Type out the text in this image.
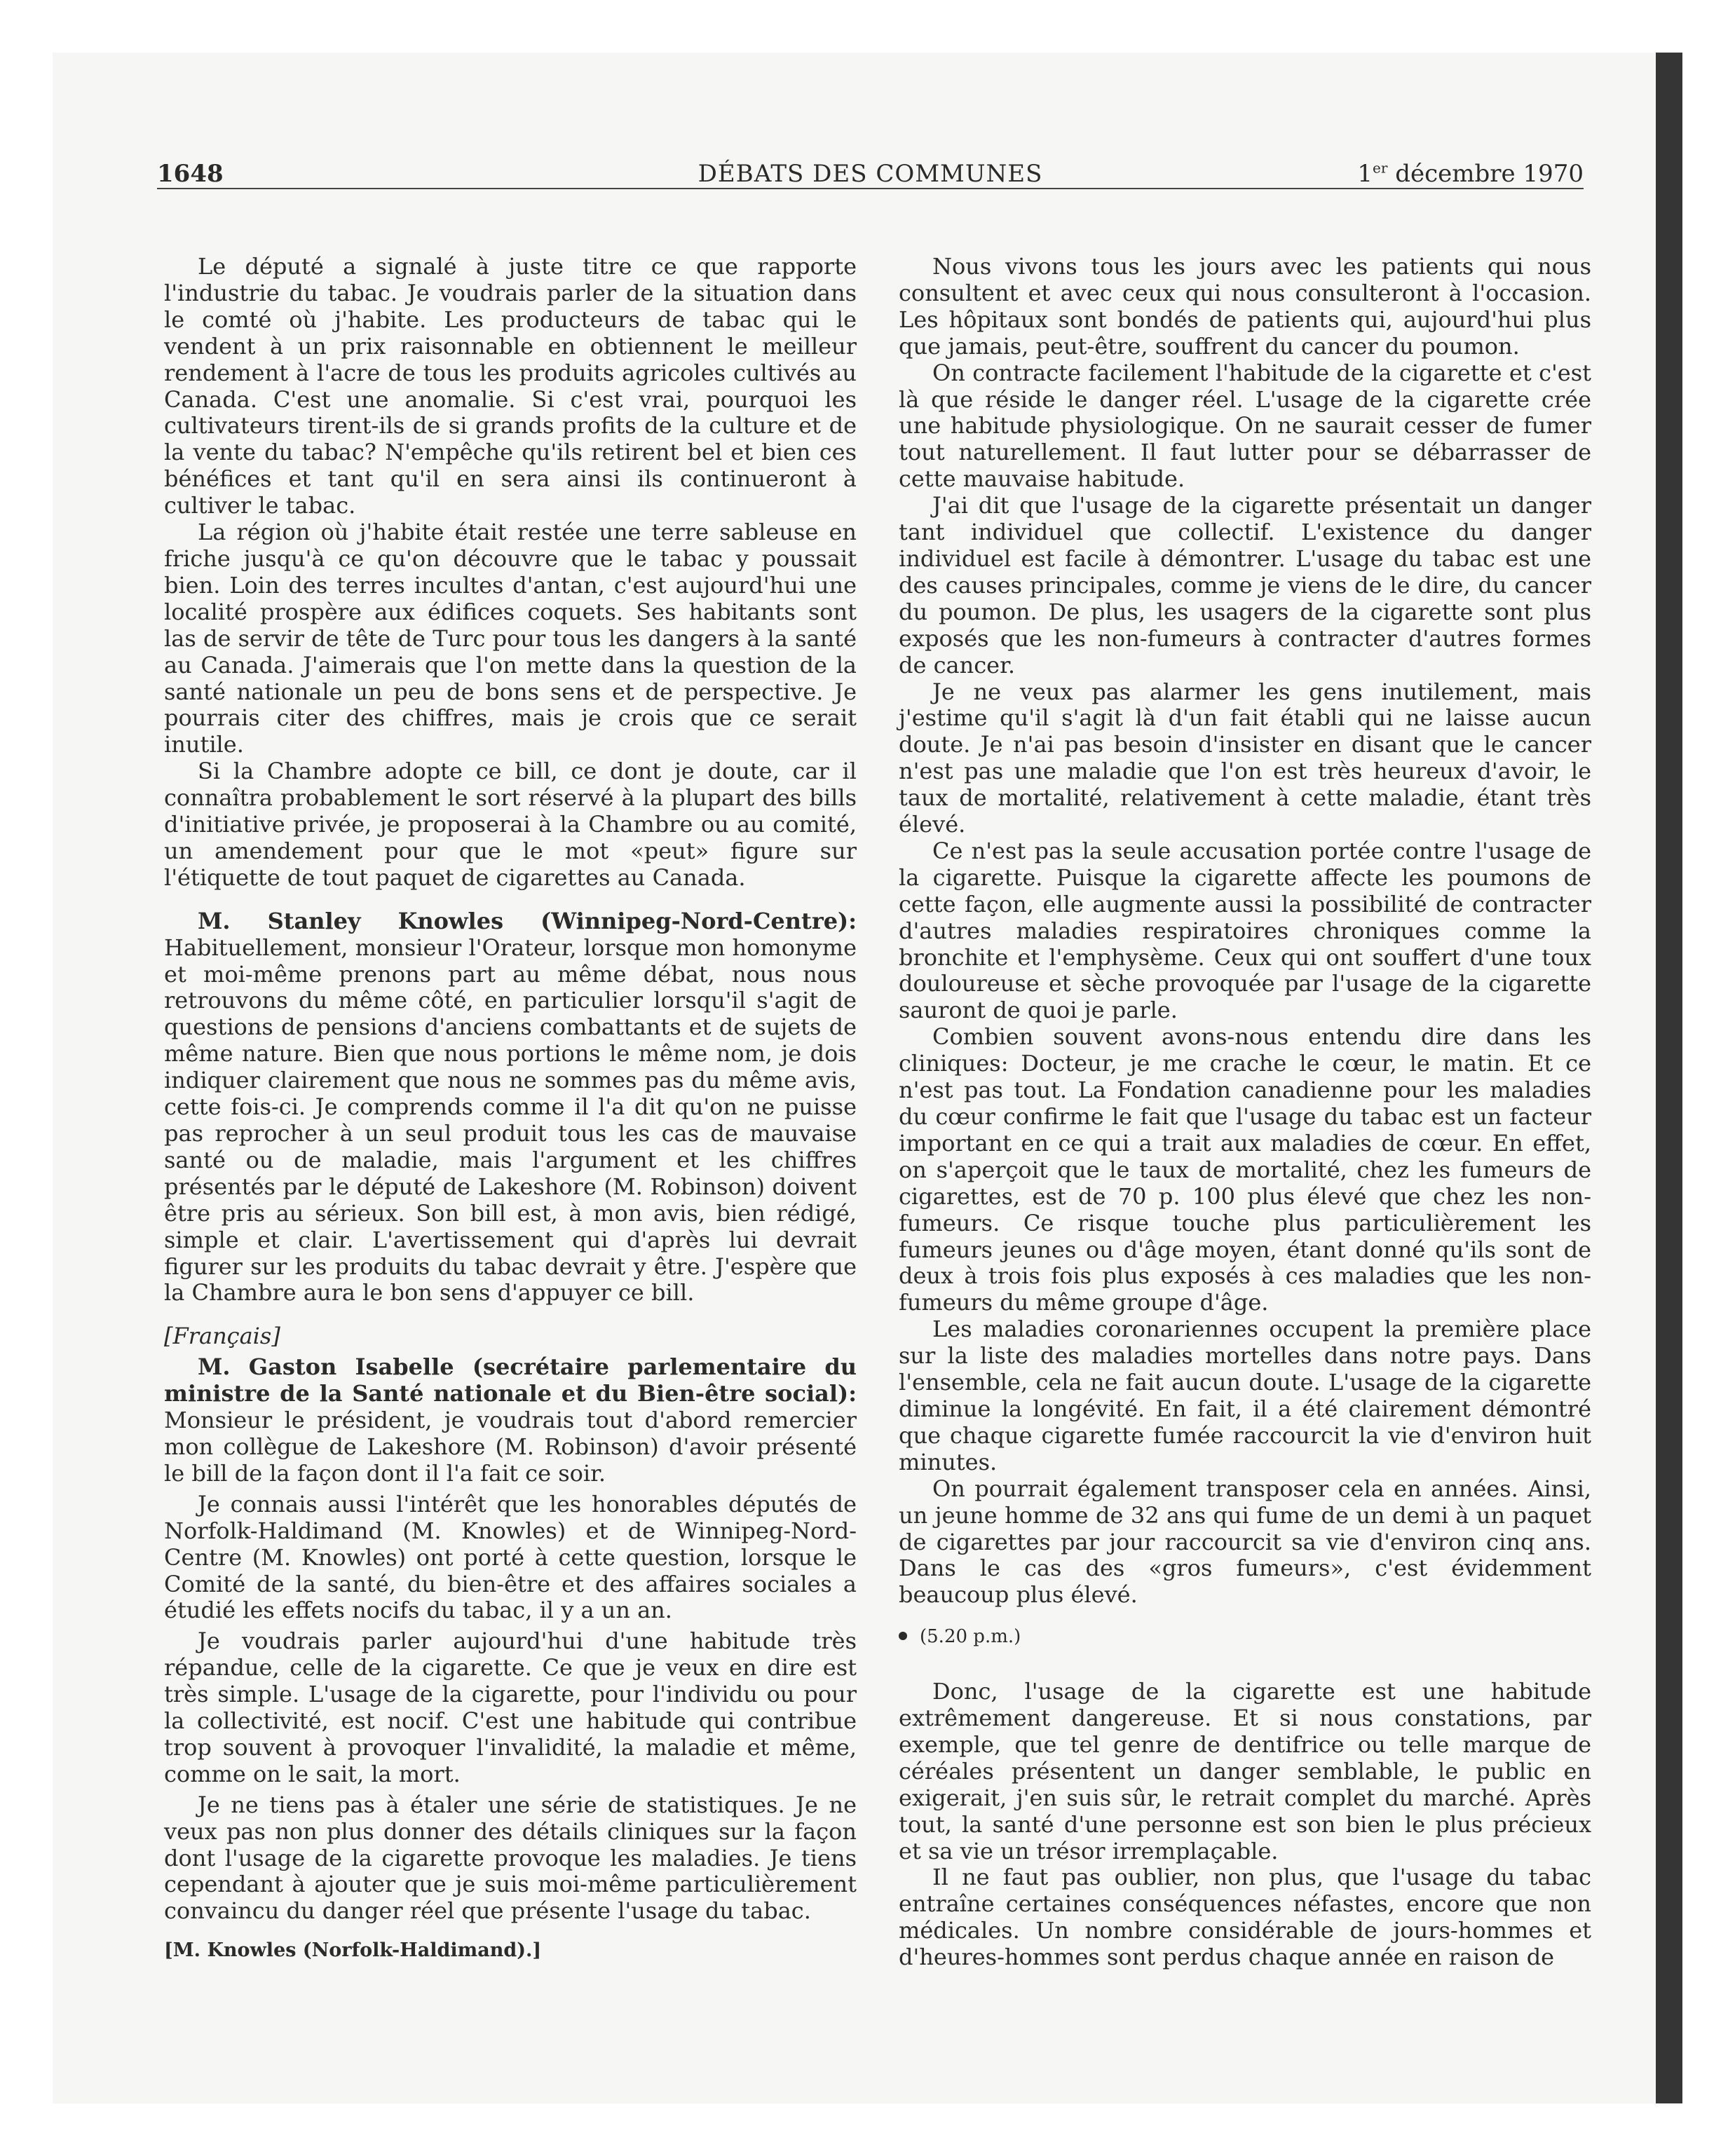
1648	DÉBATS DES COMMUNES	1er décembre 1970

Le député a signalé à juste titre ce que rapporte l'industrie du tabac. Je voudrais parler de la situation dans le comté où j'habite. Les producteurs de tabac qui le vendent à un prix raisonnable en obtiennent le meilleur rendement à l'acre de tous les produits agricoles cultivés au Canada. C'est une anomalie. Si c'est vrai, pourquoi les cultivateurs tirent-ils de si grands profits de la culture et de la vente du tabac? N'empêche qu'ils retirent bel et bien ces bénéfices et tant qu'il en sera ainsi ils continueront à cultiver le tabac.

La région où j'habite était restée une terre sableuse en friche jusqu'à ce qu'on découvre que le tabac y poussait bien. Loin des terres incultes d'antan, c'est aujourd'hui une localité prospère aux édifices coquets. Ses habitants sont las de servir de tête de Turc pour tous les dangers à la santé au Canada. J'aimerais que l'on mette dans la question de la santé nationale un peu de bons sens et de perspective. Je pourrais citer des chiffres, mais je crois que ce serait inutile.

Si la Chambre adopte ce bill, ce dont je doute, car il connaîtra probablement le sort réservé à la plupart des bills d'initiative privée, je proposerai à la Chambre ou au comité, un amendement pour que le mot «peut» figure sur l'étiquette de tout paquet de cigarettes au Canada.

M. Stanley Knowles (Winnipeg-Nord-Centre): Habituellement, monsieur l'Orateur, lorsque mon homonyme et moi-même prenons part au même débat, nous nous retrouvons du même côté, en particulier lorsqu'il s'agit de questions de pensions d'anciens combattants et de sujets de même nature. Bien que nous portions le même nom, je dois indiquer clairement que nous ne sommes pas du même avis, cette fois-ci. Je comprends comme il l'a dit qu'on ne puisse pas reprocher à un seul produit tous les cas de mauvaise santé ou de maladie, mais l'argument et les chiffres présentés par le député de Lakeshore (M. Robinson) doivent être pris au sérieux. Son bill est, à mon avis, bien rédigé, simple et clair. L'avertissement qui d'après lui devrait figurer sur les produits du tabac devrait y être. J'espère que la Chambre aura le bon sens d'appuyer ce bill.

[Français]

M. Gaston Isabelle (secrétaire parlementaire du ministre de la Santé nationale et du Bien-être social): Monsieur le président, je voudrais tout d'abord remercier mon collègue de Lakeshore (M. Robinson) d'avoir présenté le bill de la façon dont il l'a fait ce soir.

Je connais aussi l'intérêt que les honorables députés de Norfolk-Haldimand (M. Knowles) et de Winnipeg-Nord-Centre (M. Knowles) ont porté à cette question, lorsque le Comité de la santé, du bien-être et des affaires sociales a étudié les effets nocifs du tabac, il y a un an.

Je voudrais parler aujourd'hui d'une habitude très répandue, celle de la cigarette. Ce que je veux en dire est très simple. L'usage de la cigarette, pour l'individu ou pour la collectivité, est nocif. C'est une habitude qui contribue trop souvent à provoquer l'invalidité, la maladie et même, comme on le sait, la mort.

Je ne tiens pas à étaler une série de statistiques. Je ne veux pas non plus donner des détails cliniques sur la façon dont l'usage de la cigarette provoque les maladies. Je tiens cependant à ajouter que je suis moi-même particulièrement convaincu du danger réel que présente l'usage du tabac.

[M. Knowles (Norfolk-Haldimand).]

Nous vivons tous les jours avec les patients qui nous consultent et avec ceux qui nous consulteront à l'occasion. Les hôpitaux sont bondés de patients qui, aujourd'hui plus que jamais, peut-être, souffrent du cancer du poumon.

On contracte facilement l'habitude de la cigarette et c'est là que réside le danger réel. L'usage de la cigarette crée une habitude physiologique. On ne saurait cesser de fumer tout naturellement. Il faut lutter pour se débarrasser de cette mauvaise habitude.

J'ai dit que l'usage de la cigarette présentait un danger tant individuel que collectif. L'existence du danger individuel est facile à démontrer. L'usage du tabac est une des causes principales, comme je viens de le dire, du cancer du poumon. De plus, les usagers de la cigarette sont plus exposés que les non-fumeurs à contracter d'autres formes de cancer.

Je ne veux pas alarmer les gens inutilement, mais j'estime qu'il s'agit là d'un fait établi qui ne laisse aucun doute. Je n'ai pas besoin d'insister en disant que le cancer n'est pas une maladie que l'on est très heureux d'avoir, le taux de mortalité, relativement à cette maladie, étant très élevé.

Ce n'est pas la seule accusation portée contre l'usage de la cigarette. Puisque la cigarette affecte les poumons de cette façon, elle augmente aussi la possibilité de contracter d'autres maladies respiratoires chroniques comme la bronchite et l'emphysème. Ceux qui ont souffert d'une toux douloureuse et sèche provoquée par l'usage de la cigarette sauront de quoi je parle.

Combien souvent avons-nous entendu dire dans les cliniques: Docteur, je me crache le cœur, le matin. Et ce n'est pas tout. La Fondation canadienne pour les maladies du cœur confirme le fait que l'usage du tabac est un facteur important en ce qui a trait aux maladies de cœur. En effet, on s'aperçoit que le taux de mortalité, chez les fumeurs de cigarettes, est de 70 p. 100 plus élevé que chez les non-fumeurs. Ce risque touche plus particulièrement les fumeurs jeunes ou d'âge moyen, étant donné qu'ils sont de deux à trois fois plus exposés à ces maladies que les non-fumeurs du même groupe d'âge.

Les maladies coronariennes occupent la première place sur la liste des maladies mortelles dans notre pays. Dans l'ensemble, cela ne fait aucun doute. L'usage de la cigarette diminue la longévité. En fait, il a été clairement démontré que chaque cigarette fumée raccourcit la vie d'environ huit minutes.

On pourrait également transposer cela en années. Ainsi, un jeune homme de 32 ans qui fume de un demi à un paquet de cigarettes par jour raccourcit sa vie d'environ cinq ans. Dans le cas des «gros fumeurs», c'est évidemment beaucoup plus élevé.

(5.20 p.m.)

Donc, l'usage de la cigarette est une habitude extrêmement dangereuse. Et si nous constations, par exemple, que tel genre de dentifrice ou telle marque de céréales présentent un danger semblable, le public en exigerait, j'en suis sûr, le retrait complet du marché. Après tout, la santé d'une personne est son bien le plus précieux et sa vie un trésor irremplaçable.

Il ne faut pas oublier, non plus, que l'usage du tabac entraîne certaines conséquences néfastes, encore que non médicales. Un nombre considérable de jours-hommes et d'heures-hommes sont perdus chaque année en raison de
